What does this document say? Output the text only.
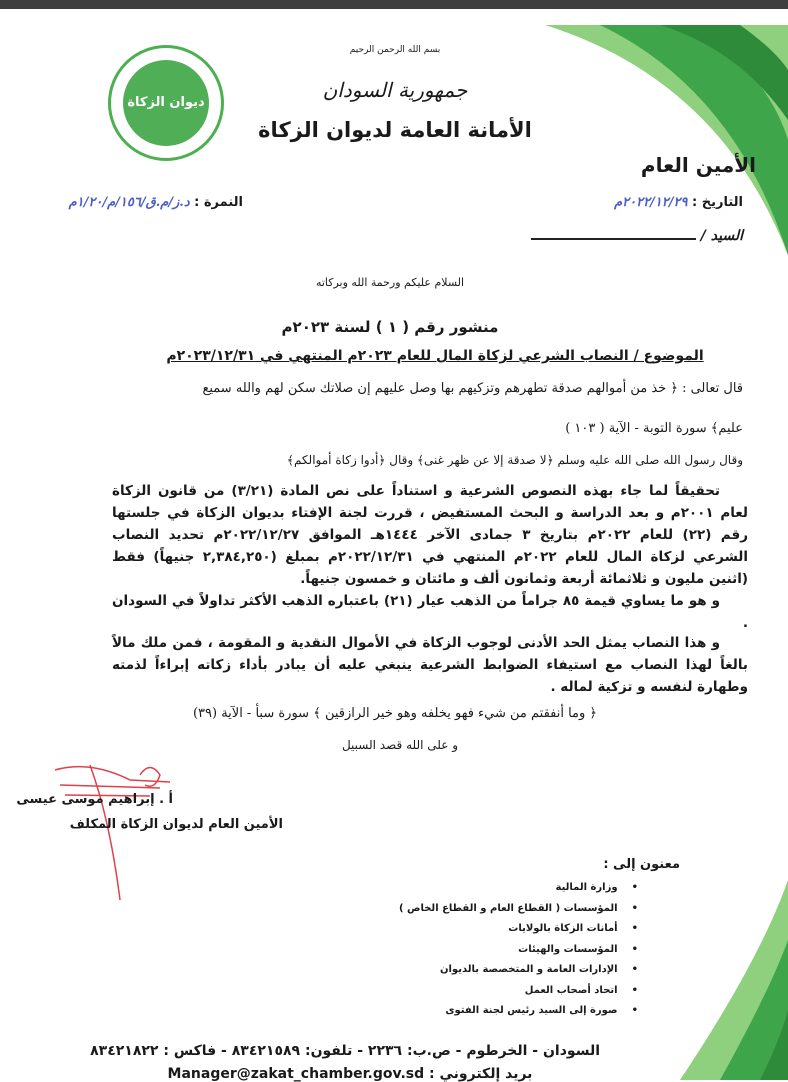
ديوان الزكاة
بسم الله الرحمن الرحيم
جمهورية السودان
الأمانة العامة لديوان الزكاة
الأمين العام
التاريخ : ٢٠٢٢/١٢/٢٩م
النمرة : د.ز/م.ق/١٥٦/م/١/٢٠م
السيد /
السلام عليكم ورحمة الله وبركاته
منشور رقم ( ١ ) لسنة ٢٠٢٣م
الموضوع / النصاب الشرعي لزكاة المال للعام ٢٠٢٣م المنتهي في ٢٠٢٣/١٢/٣١م
قال تعالى : ﴿ خذ من أموالهم صدقة تطهرهم وتزكيهم بها وصل عليهم إن صلاتك سكن لهم والله سميع
عليم﴾ سورة التوبة - الآية ( ١٠٣ )
وقال رسول الله صلى الله عليه وسلم ﴿لا صدقة إلا عن ظهر غنى﴾ وقال ﴿أدوا زكاة أموالكم﴾
تحقيقاً لما جاء بهذه النصوص الشرعية و استناداً على نص المادة (٣/٢١) من قانون الزكاة لعام ٢٠٠١م و بعد الدراسة و البحث المستفيض ، قررت لجنة الإفتاء بديوان الزكاة في جلستها رقم (٢٢) للعام ٢٠٢٢م بتاريخ ٣ جمادى الآخر ١٤٤٤هـ الموافق ٢٠٢٢/١٢/٢٧م تحديد النصاب الشرعي لزكاة المال للعام ٢٠٢٢م المنتهي في ٢٠٢٢/١٢/٣١م بمبلغ (٢,٣٨٤,٢٥٠ جنيهاً) فقط (اثنين مليون و ثلاثمائة أربعة وثمانون ألف و مائتان و خمسون جنيهاً.
و هو ما يساوي قيمة ٨٥ جراماً من الذهب عيار (٢١) باعتباره الذهب الأكثر تداولاً في السودان .
و هذا النصاب يمثل الحد الأدنى لوجوب الزكاة في الأموال النقدية و المقومة ، فمن ملك مالاً بالغاً لهذا النصاب مع استيفاء الضوابط الشرعية ينبغي عليه أن يبادر بأداء زكاته إبراءاً لذمته وطهارة لنفسه و تزكية لماله .
﴿ وما أنفقتم من شيء فهو يخلفه وهو خير الرازقين ﴾ سورة سبأ - الآية (٣٩)
و على الله قصد السبيل
أ . إبراهيم موسى عيسى
الأمين العام لديوان الزكاة المكلف
معنون إلى :
• وزارة المالية
• المؤسسات ( القطاع العام و القطاع الخاص )
• أمانات الزكاة بالولايات
• المؤسسات والهيئات
• الإدارات العامة و المتخصصة بالديوان
• اتحاد أصحاب العمل
• صورة إلى السيد رئيس لجنة الفتوى
السودان - الخرطوم - ص.ب: ٢٢٣٦ - تلفون: ٨٣٤٢١٥٨٩ - فاكس : ٨٣٤٢١٨٢٢
بريد إلكتروني : Manager@zakat_chamber.gov.sd
